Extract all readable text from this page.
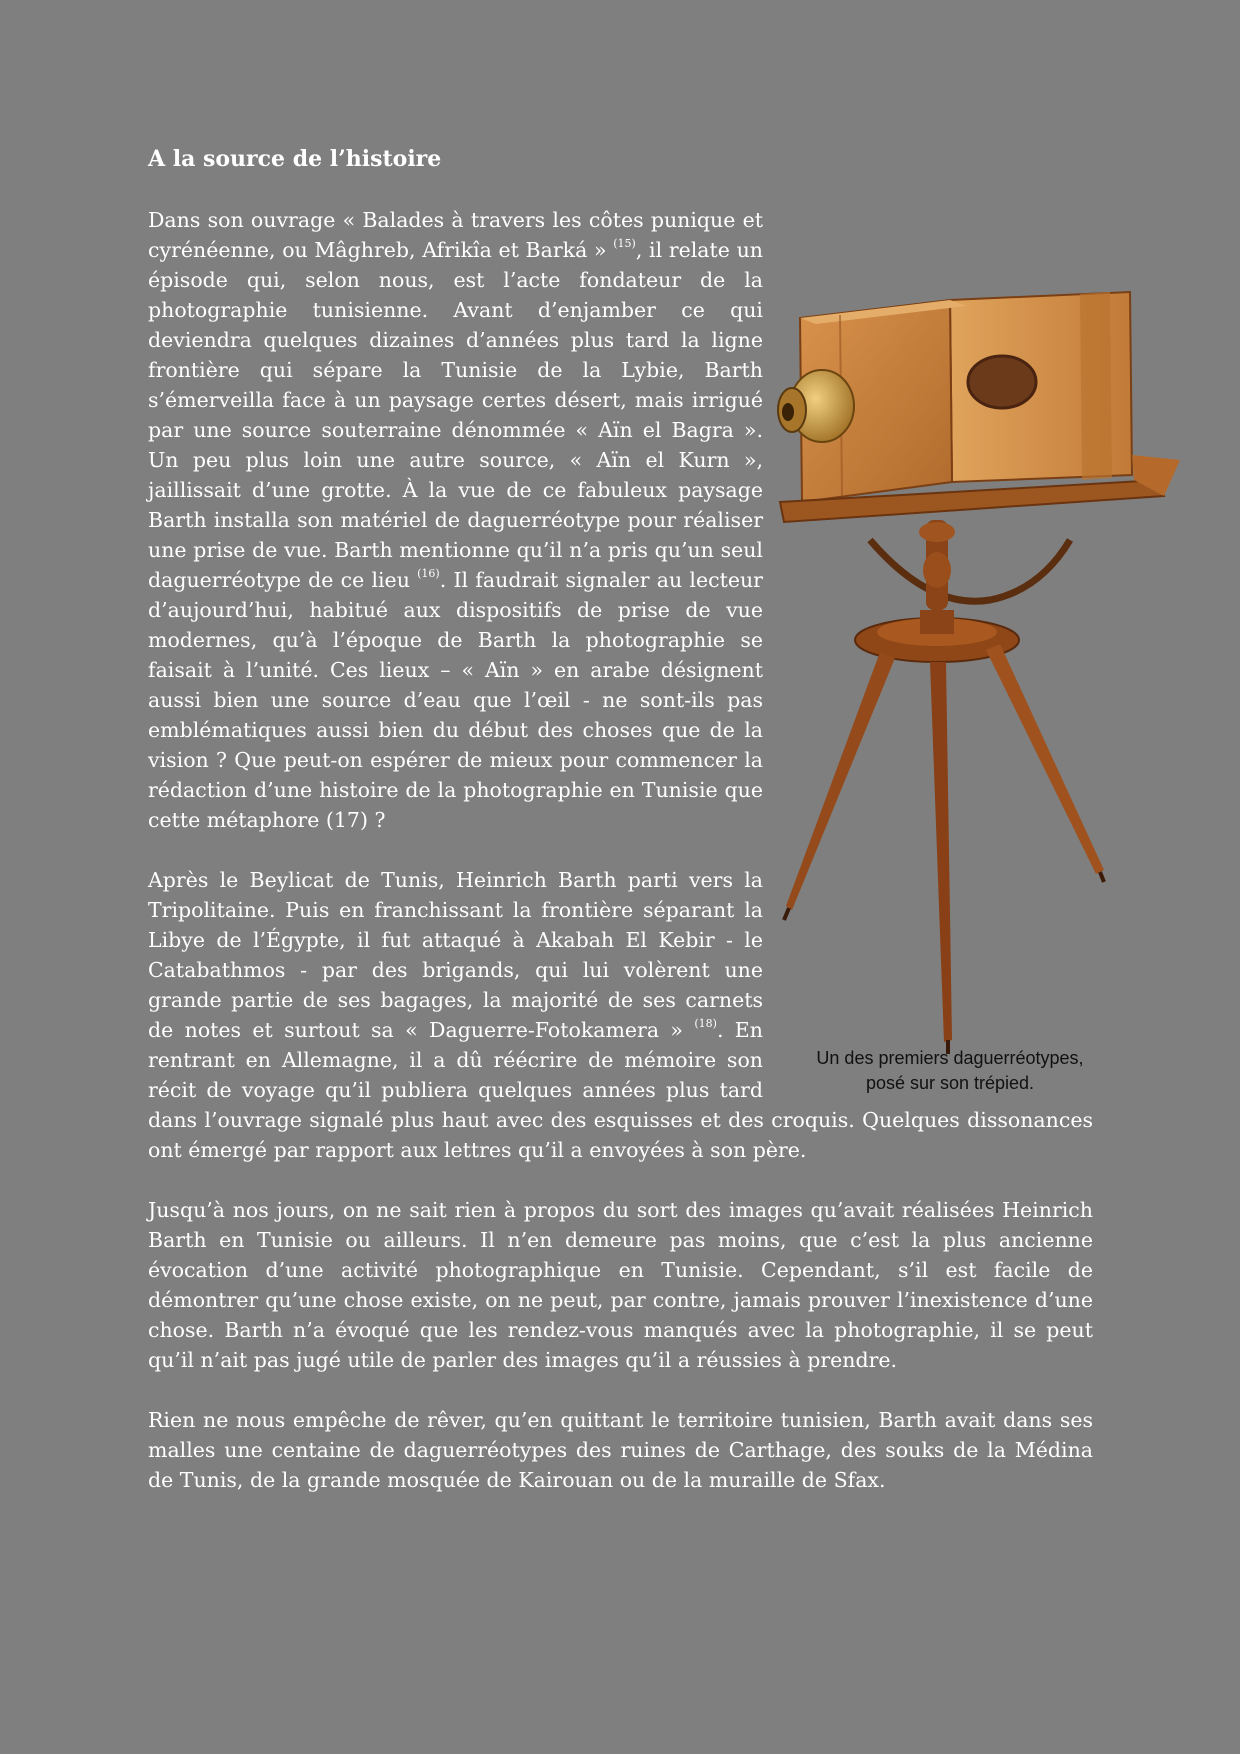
A la source de l’histoire

Dans son ouvrage « Balades à travers les côtes punique et cyrénéenne, ou Mâghreb, Afrikîa et Barká » $^{(15)}$, il relate un épisode qui, selon nous, est l’acte fondateur de la photographie tunisienne. Avant d’enjamber ce qui deviendra quelques dizaines d’années plus tard la ligne frontière qui sépare la Tunisie de la Lybie, Barth s’émerveilla face à un paysage certes désert, mais irrigué par une source souterraine dénommée « Aïn el Bagra ». Un peu plus loin une autre source, « Aïn el Kurn », jaillissait d’une grotte. À la vue de ce fabuleux paysage Barth installa son matériel de daguerréotype pour réaliser une prise de vue. Barth mentionne qu’il n’a pris qu’un seul daguerréotype de ce lieu $^{(16)}$. Il faudrait signaler au lecteur d’aujourd’hui, habitué aux dispositifs de prise de vue modernes, qu’à l’époque de Barth la photographie se faisait à l’unité. Ces lieux – « Aïn » en arabe désignent aussi bien une source d’eau que l’œil - ne sont-ils pas emblématiques aussi bien du début des choses que de la vision ? Que peut-on espérer de mieux pour commencer la rédaction d’une histoire de la photographie en Tunisie que cette métaphore (17) ?

Après le Beylicat de Tunis, Heinrich Barth parti vers la Tripolitaine. Puis en franchissant la frontière séparant la Libye de l’Égypte, il fut attaqué à Akabah El Kebir - le Catabathmos - par des brigands, qui lui volèrent une grande partie de ses bagages, la majorité de ses carnets de notes et surtout sa « Daguerre-Fotokamera » $^{(18)}$. En rentrant en Allemagne, il a dû réécrire de mémoire son récit de voyage qu’il publiera quelques années plus tard dans l’ouvrage signalé plus haut avec des esquisses et des croquis. Quelques dissonances ont émergé par rapport aux lettres qu’il a envoyées à son père.

Jusqu’à nos jours, on ne sait rien à propos du sort des images qu’avait réalisées Heinrich Barth en Tunisie ou ailleurs. Il n’en demeure pas moins, que c’est la plus ancienne évocation d’une activité photographique en Tunisie. Cependant, s’il est facile de démontrer qu’une chose existe, on ne peut, par contre, jamais prouver l’inexistence d’une chose. Barth n’a évoqué que les rendez-vous manqués avec la photographie, il se peut qu’il n’ait pas jugé utile de parler des images qu’il a réussies à prendre.

Rien ne nous empêche de rêver, qu’en quittant le territoire tunisien, Barth avait dans ses malles une centaine de daguerréotypes des ruines de Carthage, des souks de la Médina de Tunis, de la grande mosquée de Kairouan ou de la muraille de Sfax.

Un des premiers daguerréotypes,
posé sur son trépied.
